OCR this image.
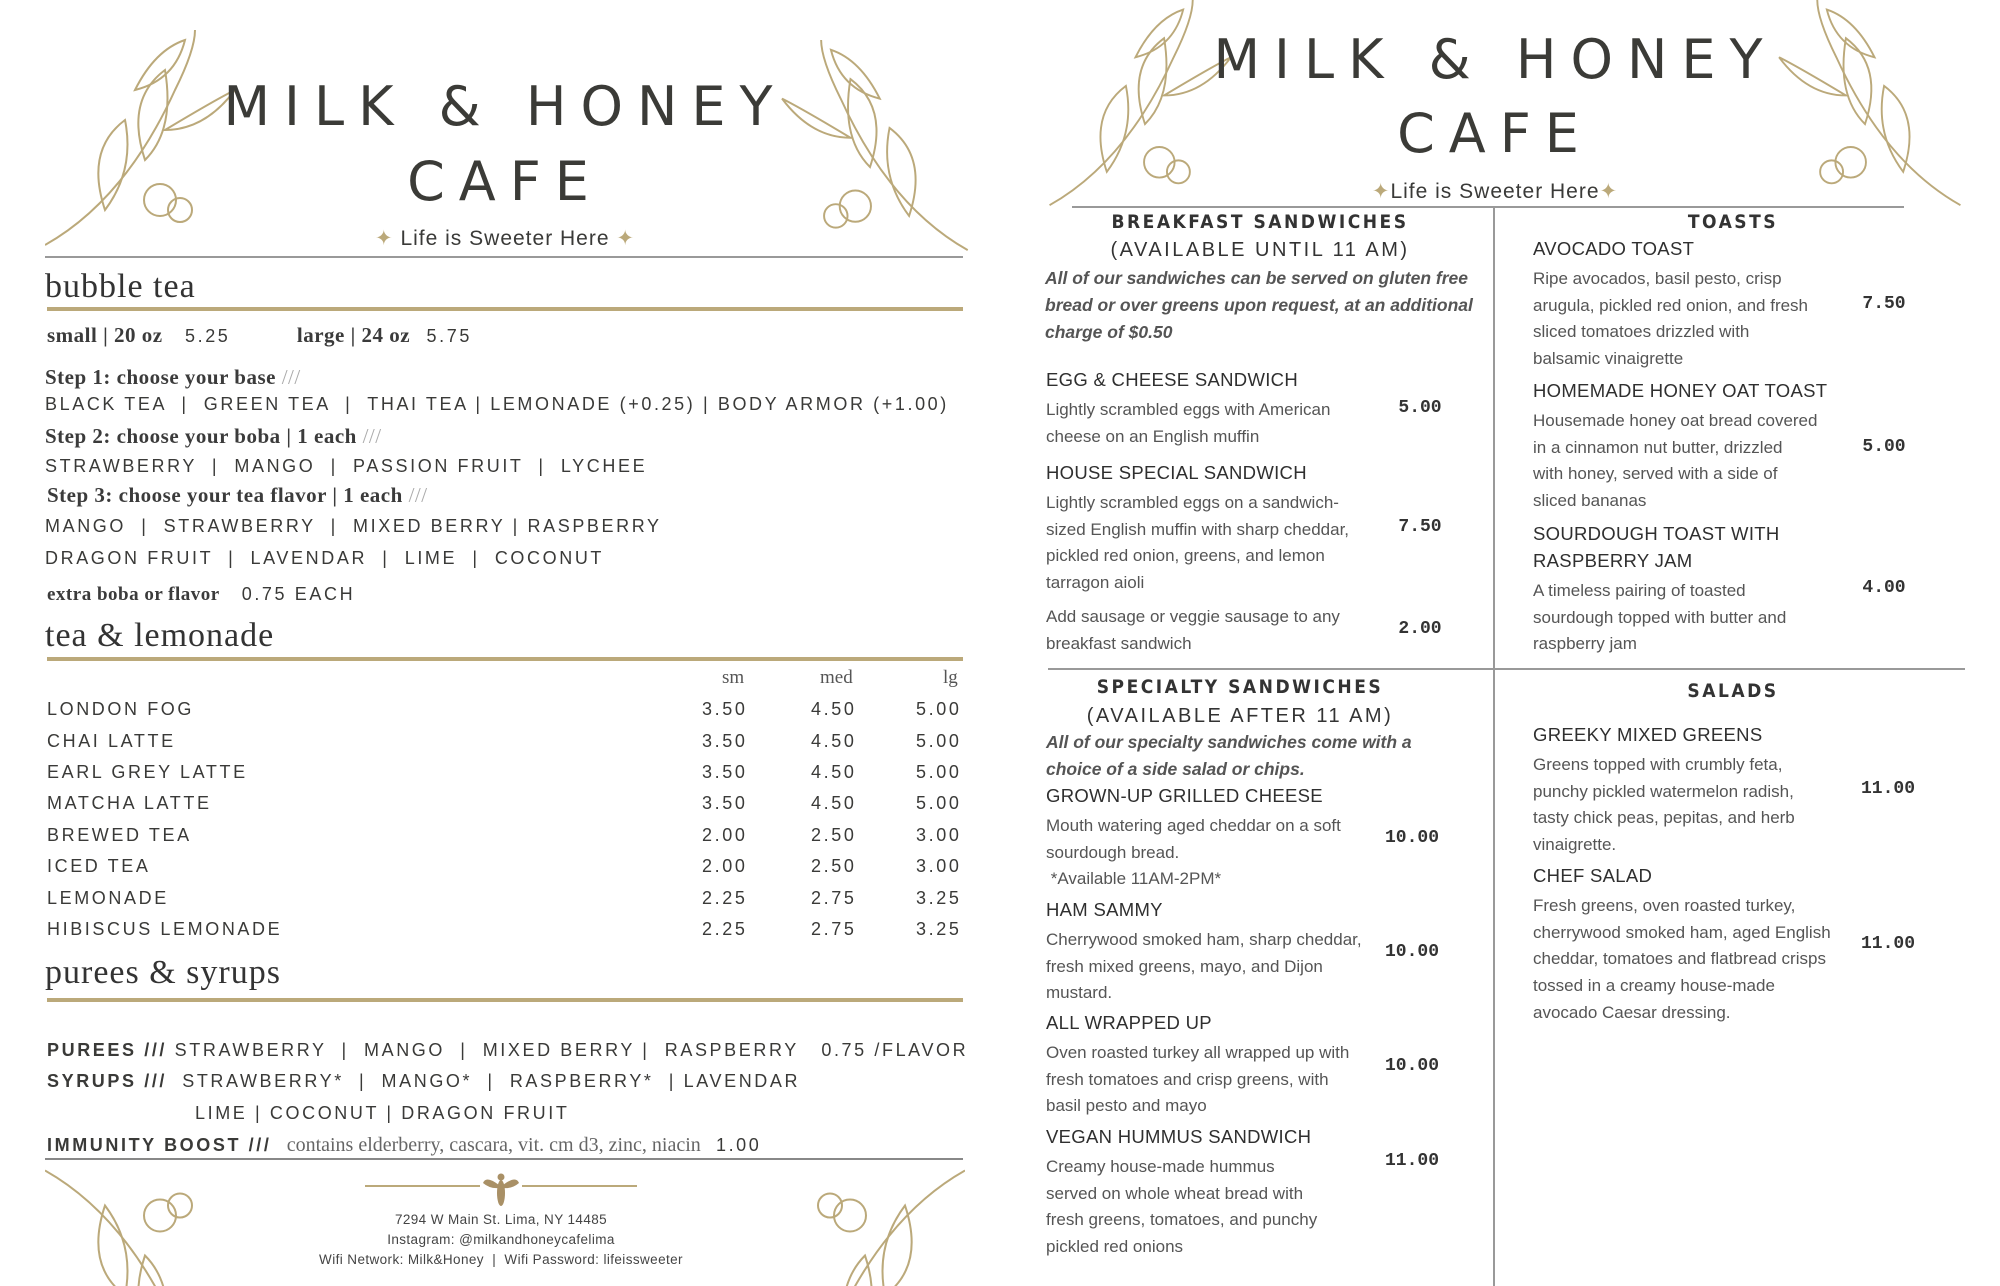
MILK & HONEY
CAFE
✦ Life is Sweeter Here ✦
bubble tea
small | 20 oz 5.25	large | 24 oz 5.75
Step 1: choose your base ///
BLACK TEA  |  GREEN TEA  |  THAI TEA | LEMONADE (+0.25) | BODY ARMOR (+1.00)
Step 2: choose your boba | 1 each ///
STRAWBERRY  |  MANGO  |  PASSION FRUIT  |  LYCHEE
Step 3: choose your tea flavor | 1 each ///
MANGO  |  STRAWBERRY  |  MIXED BERRY | RASPBERRY
DRAGON FRUIT  |  LAVENDAR  |  LIME  |  COCONUT
extra boba or flavor 0.75 EACH
tea & lemonade
sm	med	lg
LONDON FOG	3.50	4.50	5.00
CHAI LATTE	3.50	4.50	5.00
EARL GREY LATTE	3.50	4.50	5.00
MATCHA LATTE	3.50	4.50	5.00
BREWED TEA	2.00	2.50	3.00
ICED TEA	2.00	2.50	3.00
LEMONADE	2.25	2.75	3.25
HIBISCUS LEMONADE	2.25	2.75	3.25
purees & syrups
PUREES /// STRAWBERRY  |  MANGO  |  MIXED BERRY |  RASPBERRY 0.75 /FLAVOR
SYRUPS /// STRAWBERRY*  |  MANGO*  |  RASPBERRY*  | LAVENDAR
LIME | COCONUT | DRAGON FRUIT
IMMUNITY BOOST /// contains elderberry, cascara, vit. cm d3, zinc, niacin 1.00
7294 W Main St. Lima, NY 14485
Instagram: @milkandhoneycafelima
Wifi Network: Milk&Honey  |  Wifi Password: lifeissweeter
MILK & HONEY
CAFE
✦Life is Sweeter Here✦
BREAKFAST SANDWICHES
(AVAILABLE UNTIL 11 AM)
All of our sandwiches can be served on gluten free bread or over greens upon request, at an additional charge of $0.50
SPECIALTY SANDWICHES
(AVAILABLE AFTER 11 AM)
All of our specialty sandwiches come with a choice of a side salad or chips.
TOASTS
SALADS
EGG & CHEESE SANDWICH
Lightly scrambled eggs with American
cheese on an English muffin
5.00
HOUSE SPECIAL SANDWICH
Lightly scrambled eggs on a sandwich-
sized English muffin with sharp cheddar,
pickled red onion, greens, and lemon
tarragon aioli
7.50
Add sausage or veggie sausage to any
breakfast sandwich
2.00
GROWN-UP GRILLED CHEESE
Mouth watering aged cheddar on a soft
sourdough bread.
*Available 11AM-2PM*
10.00
HAM SAMMY
Cherrywood smoked ham, sharp cheddar,
fresh mixed greens, mayo, and Dijon
mustard.
10.00
ALL WRAPPED UP
Oven roasted turkey all wrapped up with
fresh tomatoes and crisp greens, with
basil pesto and mayo
10.00
VEGAN HUMMUS SANDWICH
Creamy house-made hummus
served on whole wheat bread with
fresh greens, tomatoes, and punchy
pickled red onions
11.00
AVOCADO TOAST
Ripe avocados, basil pesto, crisp
arugula, pickled red onion, and fresh
sliced tomatoes drizzled with
balsamic vinaigrette
7.50
HOMEMADE HONEY OAT TOAST
Housemade honey oat bread covered
in a cinnamon nut butter, drizzled
with honey, served with a side of
sliced bananas
5.00
SOURDOUGH TOAST WITH
RASPBERRY JAM
A timeless pairing of toasted
sourdough topped with butter and
raspberry jam
4.00
GREEKY MIXED GREENS
Greens topped with crumbly feta,
punchy pickled watermelon radish,
tasty chick peas, pepitas, and herb
vinaigrette.
11.00
CHEF SALAD
Fresh greens, oven roasted turkey,
cherrywood smoked ham, aged English
cheddar, tomatoes and flatbread crisps
tossed in a creamy house-made
avocado Caesar dressing.
11.00
